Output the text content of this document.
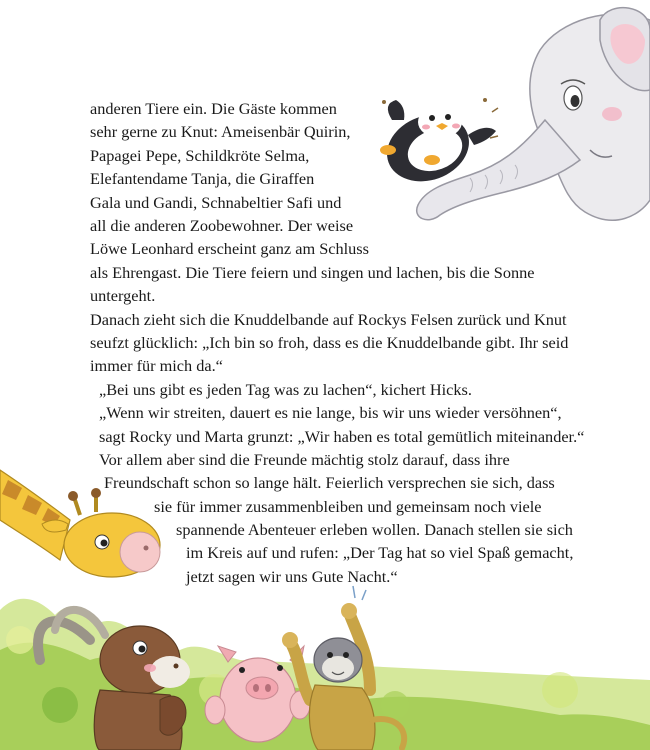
anderen Tiere ein. Die Gäste kommen

sehr gerne zu Knut: Ameisenbär Quirin,

Papagei Pepe, Schildkröte Selma,

Elefantendame Tanja, die Giraffen

Gala und Gandi, Schnabeltier Safi und

all die anderen Zoobewohner. Der weise

Löwe Leonhard erscheint ganz am Schluss

als Ehrengast. Die Tiere feiern und singen und lachen, bis die Sonne

untergeht.

Danach zieht sich die Knuddelbande auf Rockys Felsen zurück und Knut

seufzt glücklich: „Ich bin so froh, dass es die Knuddelbande gibt. Ihr seid

immer für mich da.“

„Bei uns gibt es jeden Tag was zu lachen“, kichert Hicks.

„Wenn wir streiten, dauert es nie lange, bis wir uns wieder versöhnen“,

sagt Rocky und Marta grunzt: „Wir haben es total gemütlich miteinander.“

Vor allem aber sind die Freunde mächtig stolz darauf, dass ihre

Freundschaft schon so lange hält. Feierlich versprechen sie sich, dass

sie für immer zusammenbleiben und gemeinsam noch viele

spannende Abenteuer erleben wollen. Danach stellen sie sich

im Kreis auf und rufen: „Der Tag hat so viel Spaß gemacht,

jetzt sagen wir uns Gute Nacht.“
